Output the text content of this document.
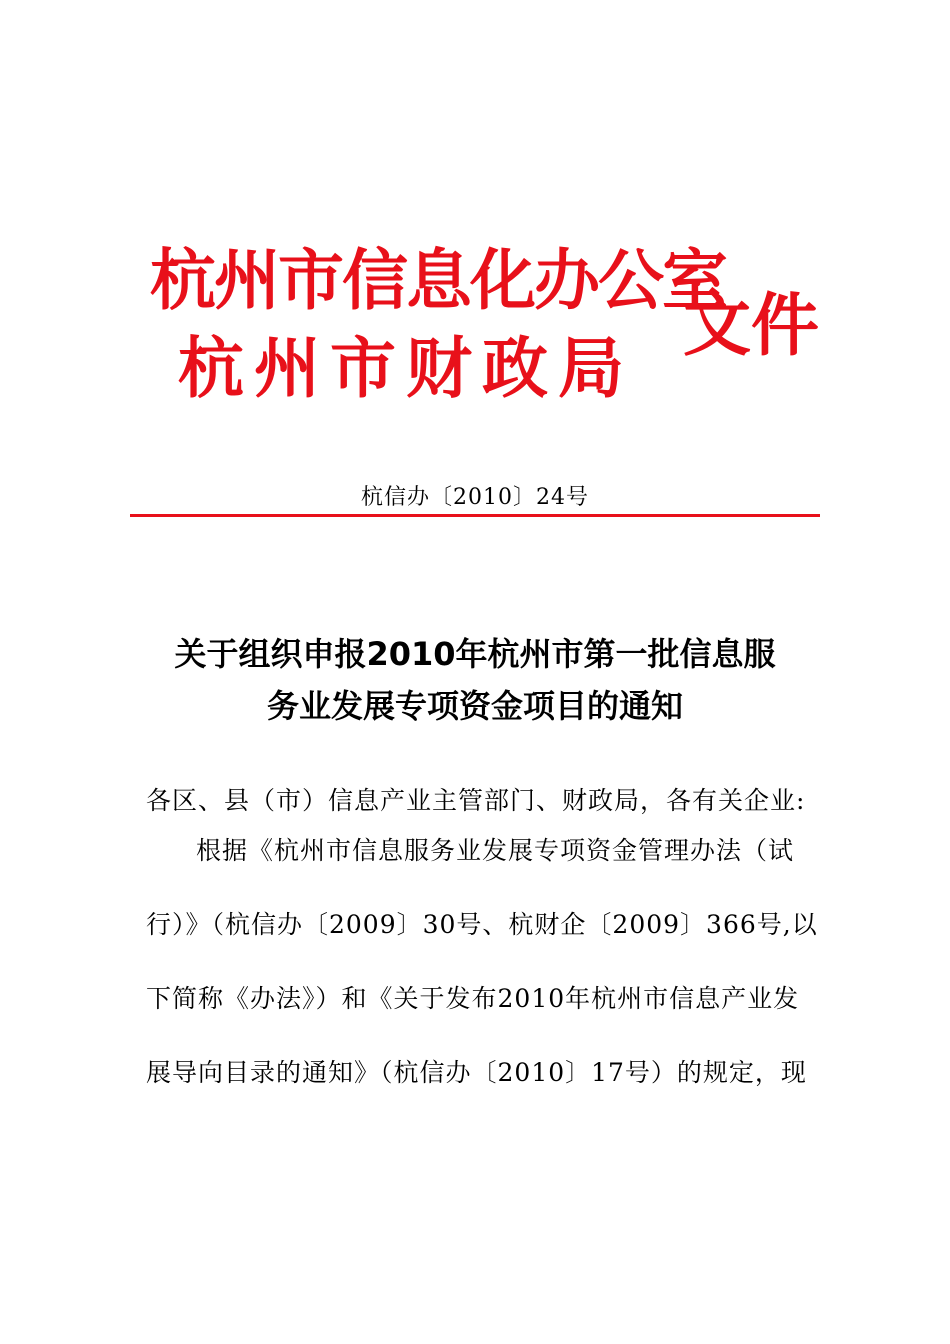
杭州市信息化办公室
杭州市财政局
文件
杭信办〔2010〕24号
关于组织申报2010年杭州市第一批信息服
务业发展专项资金项目的通知
各区、县（市）信息产业主管部门、财政局，各有关企业:
根据《杭州市信息服务业发展专项资金管理办法（试
行）》（杭信办〔2009〕30号、杭财企〔2009〕366号,以
下简称《办法》）和《关于发布2010年杭州市信息产业发
展导向目录的通知》（杭信办〔2010〕17号）的规定，现
